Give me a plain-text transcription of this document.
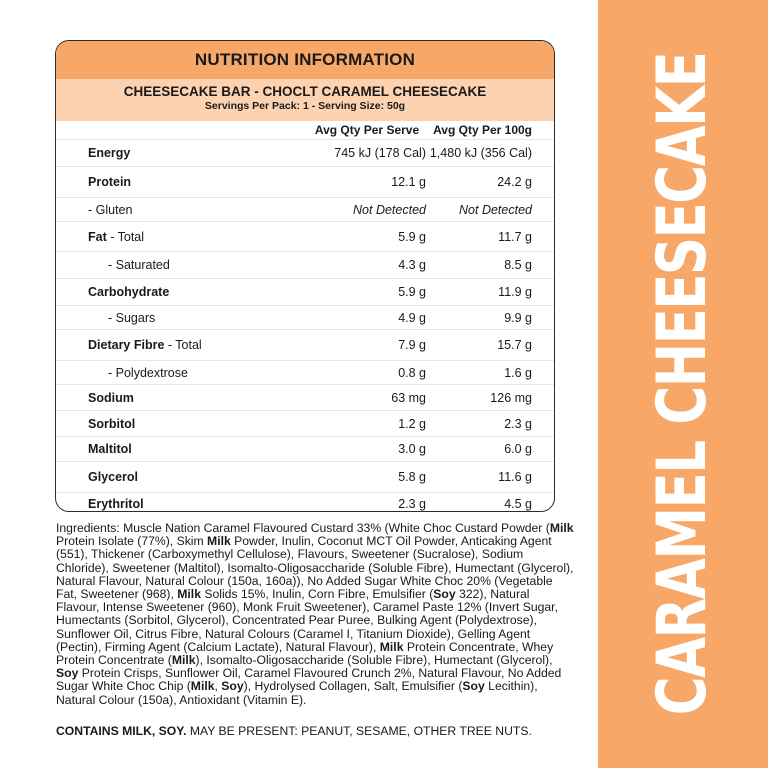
CARAMEL CHEESECAKE
NUTRITION INFORMATION
CHEESECAKE BAR - CHOCLT CARAMEL CHEESECAKE
Servings Per Pack: 1 - Serving Size: 50g
	Avg Qty Per Serve	Avg Qty Per 100g
Energy	745 kJ (178 Cal)	1,480 kJ (356 Cal)
Protein	12.1 g	24.2 g
- Gluten	Not Detected	Not Detected
Fat - Total	5.9 g	11.7 g
- Saturated	4.3 g	8.5 g
Carbohydrate	5.9 g	11.9 g
- Sugars	4.9 g	9.9 g
Dietary Fibre - Total	7.9 g	15.7 g
- Polydextrose	0.8 g	1.6 g
Sodium	63 mg	126 mg
Sorbitol	1.2 g	2.3 g
Maltitol	3.0 g	6.0 g
Glycerol	5.8 g	11.6 g
Erythritol	2.3 g	4.5 g
Ingredients: Muscle Nation Caramel Flavoured Custard 33% (White Choc Custard Powder (Milk Protein Isolate (77%), Skim Milk Powder, Inulin, Coconut MCT Oil Powder, Anticaking Agent (551), Thickener (Carboxymethyl Cellulose), Flavours, Sweetener (Sucralose), Sodium Chloride), Sweetener (Maltitol), Isomalto-Oligosaccharide (Soluble Fibre), Humectant (Glycerol), Natural Flavour, Natural Colour (150a, 160a)), No Added Sugar White Choc 20% (Vegetable Fat, Sweetener (968), Milk Solids 15%, Inulin, Corn Fibre, Emulsifier (Soy 322), Natural Flavour, Intense Sweetener (960), Monk Fruit Sweetener), Caramel Paste 12% (Invert Sugar, Humectants (Sorbitol, Glycerol), Concentrated Pear Puree, Bulking Agent (Polydextrose), Sunflower Oil, Citrus Fibre, Natural Colours (Caramel I, Titanium Dioxide), Gelling Agent (Pectin), Firming Agent (Calcium Lactate), Natural Flavour), Milk Protein Concentrate, Whey Protein Concentrate (Milk), Isomalto-Oligosaccharide (Soluble Fibre), Humectant (Glycerol), Soy Protein Crisps, Sunflower Oil, Caramel Flavoured Crunch 2%, Natural Flavour, No Added Sugar White Choc Chip (Milk, Soy), Hydrolysed Collagen, Salt, Emulsifier (Soy Lecithin), Natural Colour (150a), Antioxidant (Vitamin E).
CONTAINS MILK, SOY. MAY BE PRESENT: PEANUT, SESAME, OTHER TREE NUTS.
